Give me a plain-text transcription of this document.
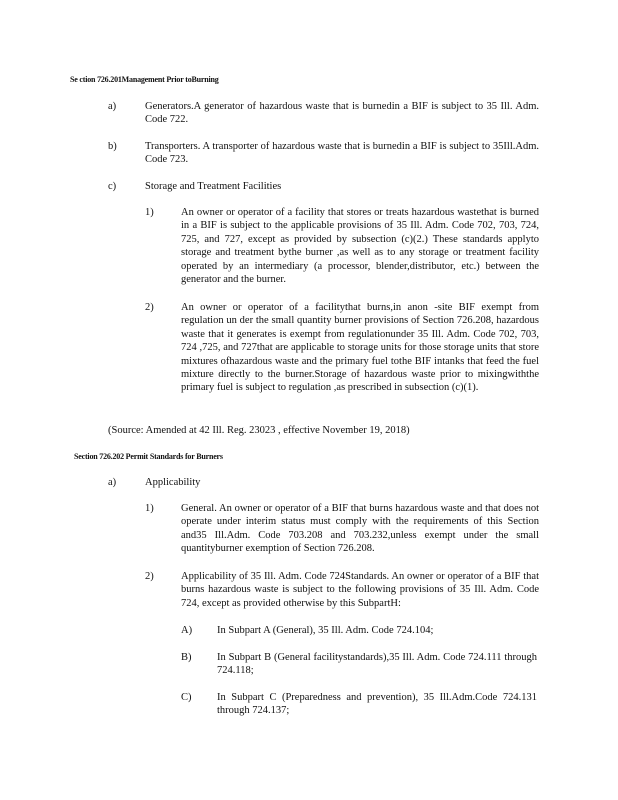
Se ction 726.201Management Prior toBurning
a)	Generators.A generator of hazardous waste that is burnedin a BIF is subject to 35 Ill. Adm. Code 722.
b)	Transporters. A transporter of hazardous waste that is burnedin a BIF is subject to 35Ill.Adm. Code 723.
c)	Storage and Treatment Facilities
1)	An owner or operator of a facility that stores or treats hazardous wastethat is burned in a BIF is subject to the applicable provisions of 35 Ill. Adm. Code 702, 703, 724, 725, and 727, except as provided by subsection (c)(2.) These standards applyto storage and treatment bythe burner ,as well as to any storage or treatment facility operated by an intermediary (a processor, blender,distributor, etc.) between the generator and the burner.
2)	An owner or operator of a facilitythat burns,in anon -site BIF exempt from regulation un der the small quantity burner provisions of Section 726.208, hazardous waste that it generates is exempt from regulationunder 35 Ill. Adm. Code 702, 703, 724 ,725, and 727that are applicable to storage units for those storage units that store mixtures ofhazardous waste and the primary fuel tothe BIF intanks that feed the fuel mixture directly to the burner.Storage of hazardous waste prior to mixingwiththe primary fuel is subject to regulation ,as prescribed in subsection (c)(1).
(Source: Amended at 42 Ill. Reg. 23023 , effective November 19, 2018)
Section 726.202 Permit Standards for Burners
a)	Applicability
1)	General. An owner or operator of a BIF that burns hazardous waste and that does not operate under interim status must comply with the requirements of this Section and35 Ill.Adm. Code 703.208 and 703.232,unless exempt under the small quantityburner exemption of Section 726.208.
2)	Applicability of 35 Ill. Adm. Code 724Standards. An owner or operator of a BIF that burns hazardous waste is subject to the following provisions of 35 Ill. Adm. Code 724, except as provided otherwise by this SubpartH:
A) In Subpart A (General), 35 Ill. Adm. Code 724.104;
B) In Subpart B (General facilitystandards),35 Ill. Adm. Code 724.111 through 724.118;
C) In Subpart C (Preparedness and prevention), 35 Ill.Adm.Code 724.131 through 724.137;
